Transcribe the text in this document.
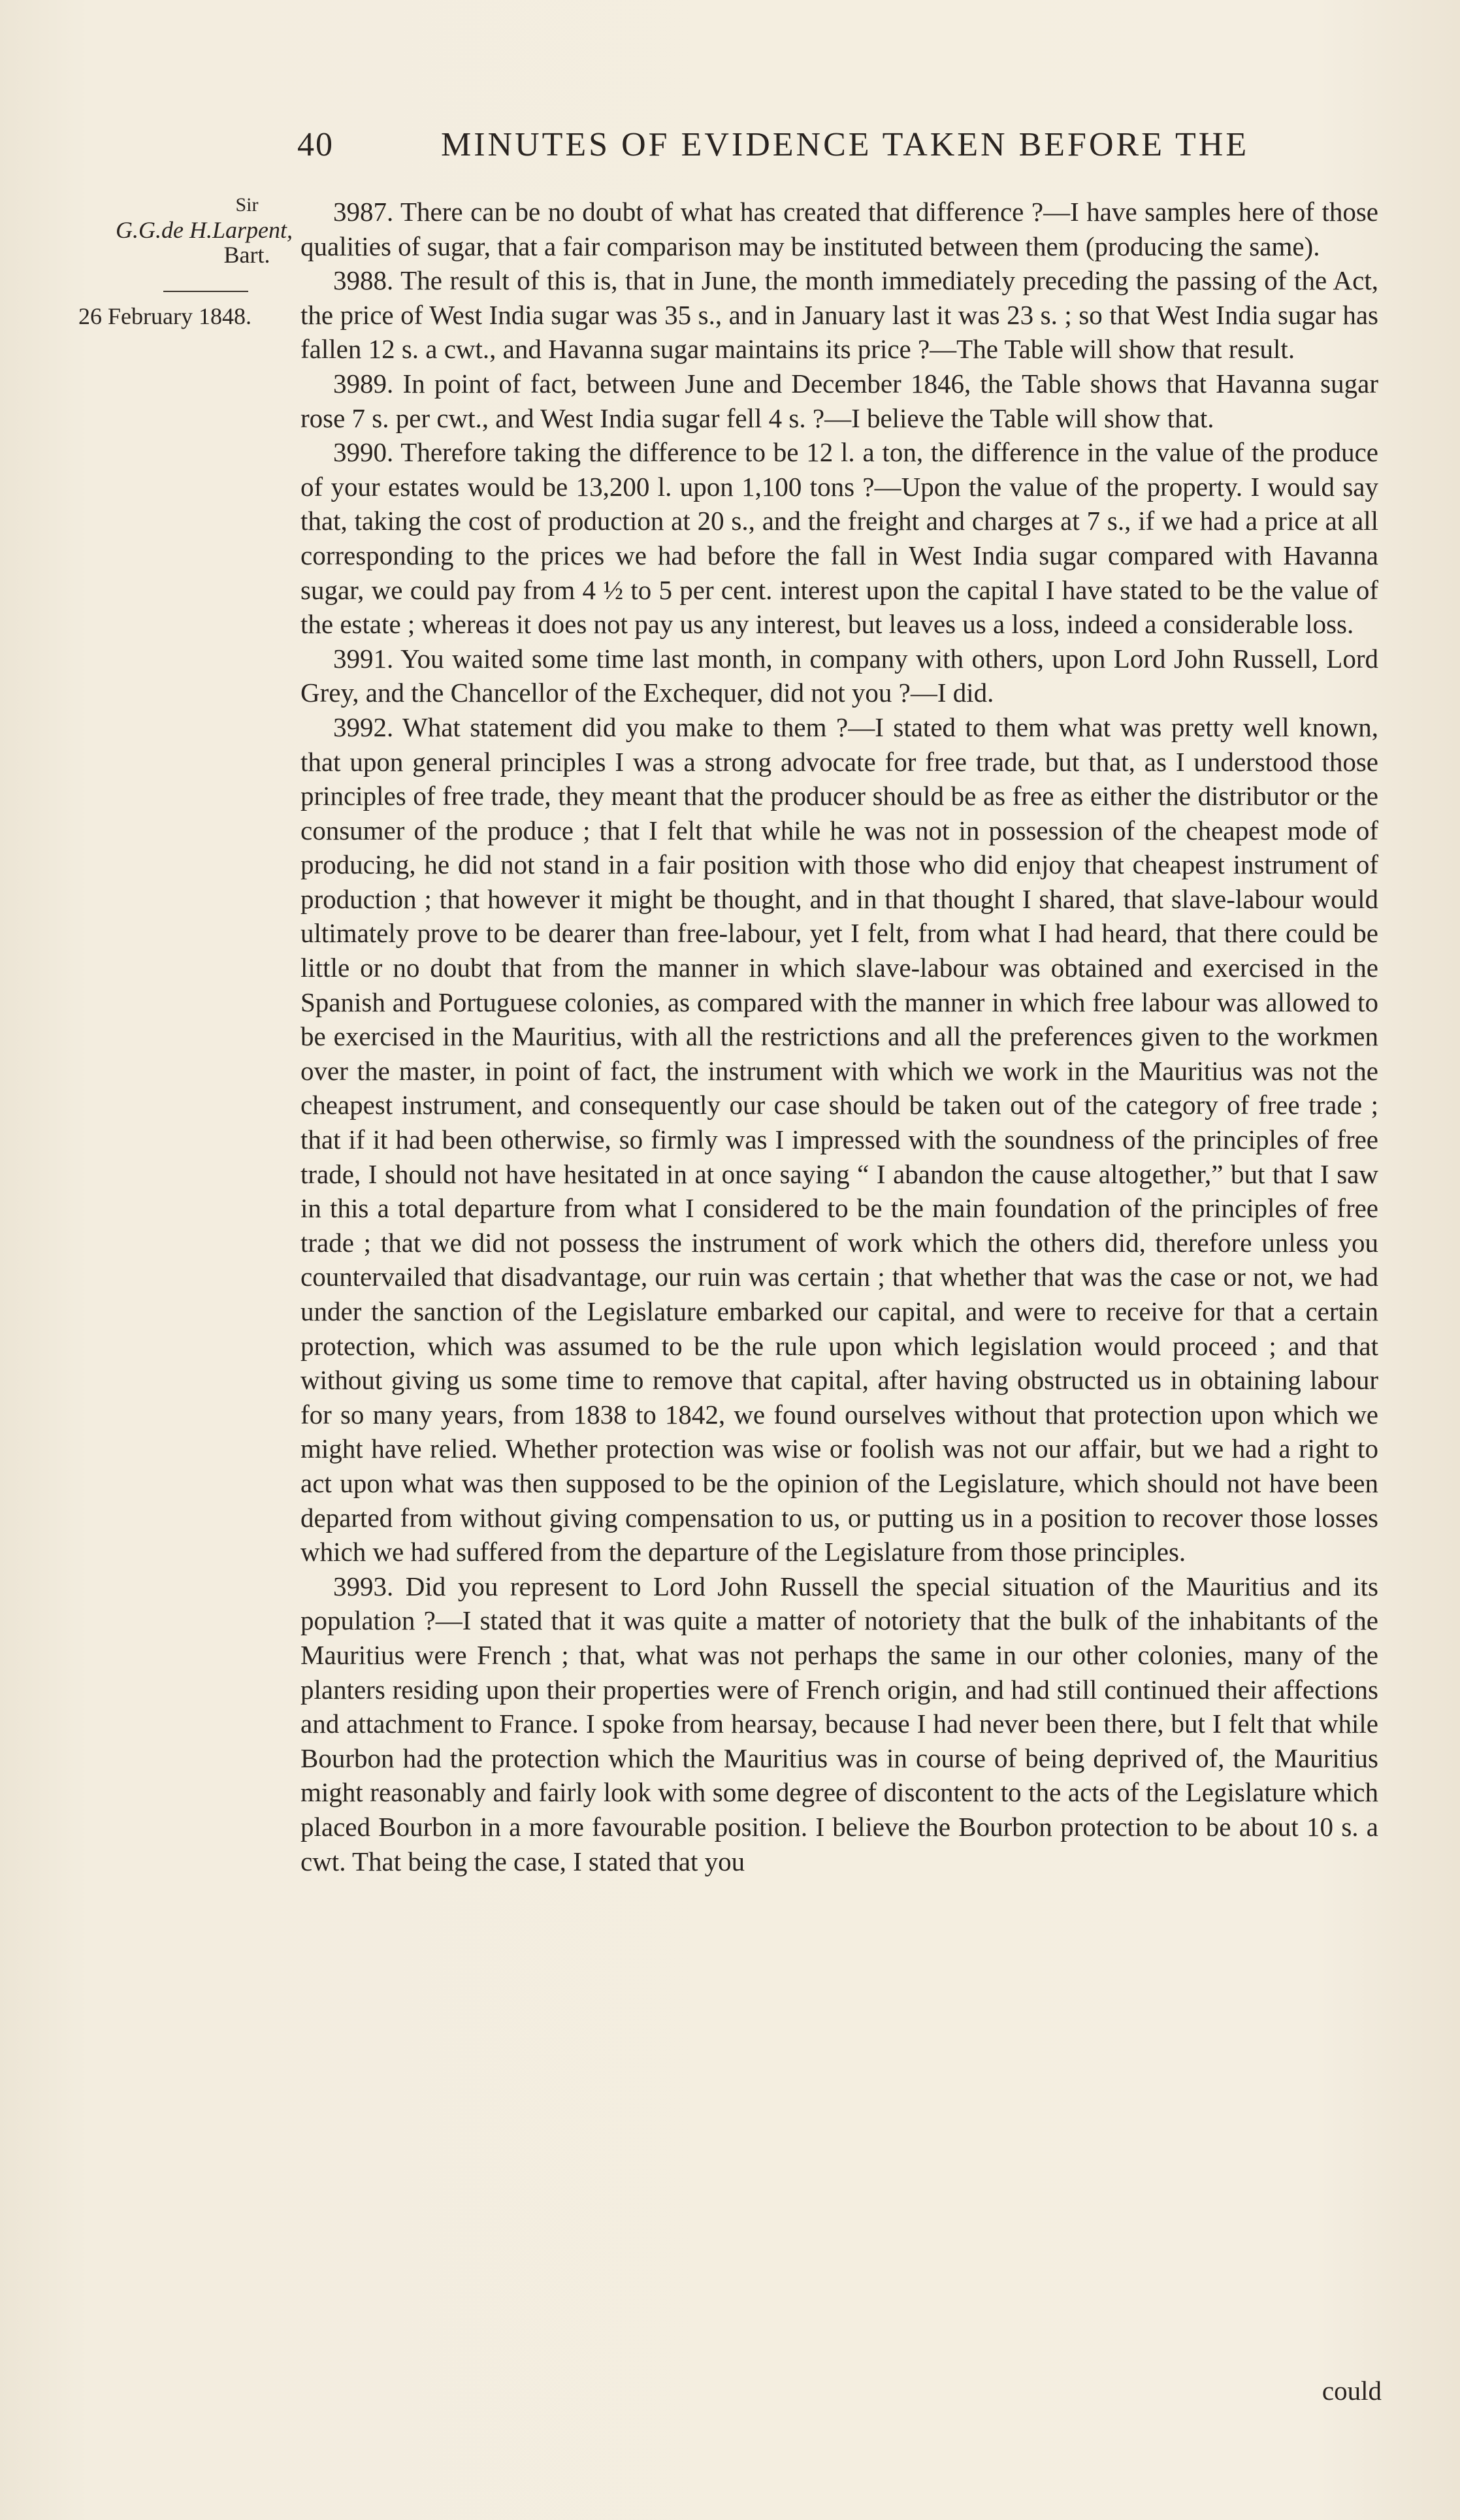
40	MINUTES OF EVIDENCE TAKEN BEFORE THE
Sir
G.G.de H.Larpent,
Bart.
26 February 1848.

3987. There can be no doubt of what has created that difference ?—I have samples here of those qualities of sugar, that a fair comparison may be instituted between them (producing the same).

3988. The result of this is, that in June, the month immediately preceding the passing of the Act, the price of West India sugar was 35 s., and in January last it was 23 s. ; so that West India sugar has fallen 12 s. a cwt., and Havanna sugar maintains its price ?—The Table will show that result.

3989. In point of fact, between June and December 1846, the Table shows that Havanna sugar rose 7 s. per cwt., and West India sugar fell 4 s. ?—I believe the Table will show that.

3990. Therefore taking the difference to be 12 l. a ton, the difference in the value of the produce of your estates would be 13,200 l. upon 1,100 tons ?—Upon the value of the property. I would say that, taking the cost of production at 20 s., and the freight and charges at 7 s., if we had a price at all corresponding to the prices we had before the fall in West India sugar compared with Havanna sugar, we could pay from 4 ½ to 5 per cent. interest upon the capital I have stated to be the value of the estate ; whereas it does not pay us any interest, but leaves us a loss, indeed a considerable loss.

3991. You waited some time last month, in company with others, upon Lord John Russell, Lord Grey, and the Chancellor of the Exchequer, did not you ?—I did.

3992. What statement did you make to them ?—I stated to them what was pretty well known, that upon general principles I was a strong advocate for free trade, but that, as I understood those principles of free trade, they meant that the producer should be as free as either the distributor or the consumer of the produce ; that I felt that while he was not in possession of the cheapest mode of producing, he did not stand in a fair position with those who did enjoy that cheapest instrument of production ; that however it might be thought, and in that thought I shared, that slave-labour would ultimately prove to be dearer than free-labour, yet I felt, from what I had heard, that there could be little or no doubt that from the manner in which slave-labour was obtained and exercised in the Spanish and Portuguese colonies, as compared with the manner in which free labour was allowed to be exercised in the Mauritius, with all the restrictions and all the preferences given to the workmen over the master, in point of fact, the instrument with which we work in the Mauritius was not the cheapest instrument, and consequently our case should be taken out of the category of free trade ; that if it had been otherwise, so firmly was I impressed with the soundness of the principles of free trade, I should not have hesitated in at once saying “ I abandon the cause altogether,” but that I saw in this a total departure from what I considered to be the main foundation of the principles of free trade ; that we did not possess the instrument of work which the others did, therefore unless you countervailed that disadvantage, our ruin was certain ; that whether that was the case or not, we had under the sanction of the Legislature embarked our capital, and were to receive for that a certain protection, which was assumed to be the rule upon which legislation would proceed ; and that without giving us some time to remove that capital, after having obstructed us in obtaining labour for so many years, from 1838 to 1842, we found ourselves without that protection upon which we might have relied. Whether protection was wise or foolish was not our affair, but we had a right to act upon what was then supposed to be the opinion of the Legislature, which should not have been departed from without giving compensation to us, or putting us in a position to recover those losses which we had suffered from the departure of the Legislature from those principles.

3993. Did you represent to Lord John Russell the special situation of the Mauritius and its population ?—I stated that it was quite a matter of notoriety that the bulk of the inhabitants of the Mauritius were French ; that, what was not perhaps the same in our other colonies, many of the planters residing upon their properties were of French origin, and had still continued their affections and attachment to France. I spoke from hearsay, because I had never been there, but I felt that while Bourbon had the protection which the Mauritius was in course of being deprived of, the Mauritius might reasonably and fairly look with some degree of discontent to the acts of the Legislature which placed Bourbon in a more favourable position. I believe the Bourbon protection to be about 10 s. a cwt. That being the case, I stated that you

could
